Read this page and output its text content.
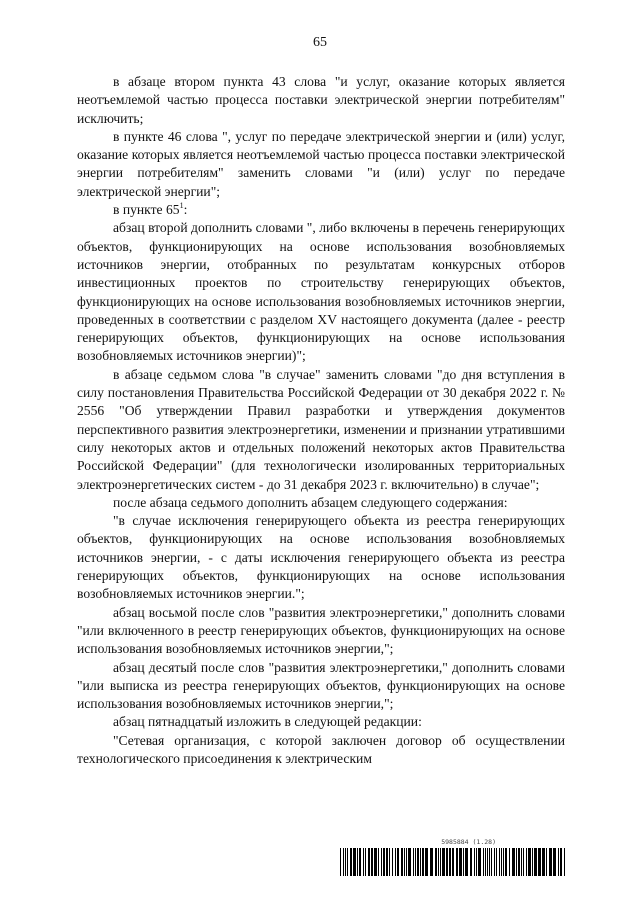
65

в абзаце втором пункта 43 слова "и услуг, оказание которых является неотъемлемой частью процесса поставки электрической энергии потребителям" исключить;

в пункте 46 слова ", услуг по передаче электрической энергии и (или) услуг, оказание которых является неотъемлемой частью процесса поставки электрической энергии потребителям" заменить словами "и (или) услуг по передаче электрической энергии";

в пункте $65^1$:

абзац второй дополнить словами ", либо включены в перечень генерирующих объектов, функционирующих на основе использования возобновляемых источников энергии, отобранных по результатам конкурсных отборов инвестиционных проектов по строительству генерирующих объектов, функционирующих на основе использования возобновляемых источников энергии, проведенных в соответствии с разделом XV настоящего документа (далее - реестр генерирующих объектов, функционирующих на основе использования возобновляемых источников энергии)";

в абзаце седьмом слова "в случае" заменить словами "до дня вступления в силу постановления Правительства Российской Федерации от 30 декабря 2022 г. № 2556 "Об утверждении Правил разработки и утверждения документов перспективного развития электроэнергетики, изменении и признании утратившими силу некоторых актов и отдельных положений некоторых актов Правительства Российской Федерации" (для технологически изолированных территориальных электроэнергетических систем - до 31 декабря 2023 г. включительно) в случае";

после абзаца седьмого дополнить абзацем следующего содержания:

"в случае исключения генерирующего объекта из реестра генерирующих объектов, функционирующих на основе использования возобновляемых источников энергии, - с даты исключения генерирующего объекта из реестра генерирующих объектов, функционирующих на основе использования возобновляемых источников энергии.";

абзац восьмой после слов "развития электроэнергетики," дополнить словами "или включенного в реестр генерирующих объектов, функционирующих на основе использования возобновляемых источников энергии,";

абзац десятый после слов "развития электроэнергетики," дополнить словами "или выписка из реестра генерирующих объектов, функционирующих на основе использования возобновляемых источников энергии,";

абзац пятнадцатый изложить в следующей редакции:

"Сетевая организация, с которой заключен договор об осуществлении технологического присоединения к электрическим

5985884 (1.28)
